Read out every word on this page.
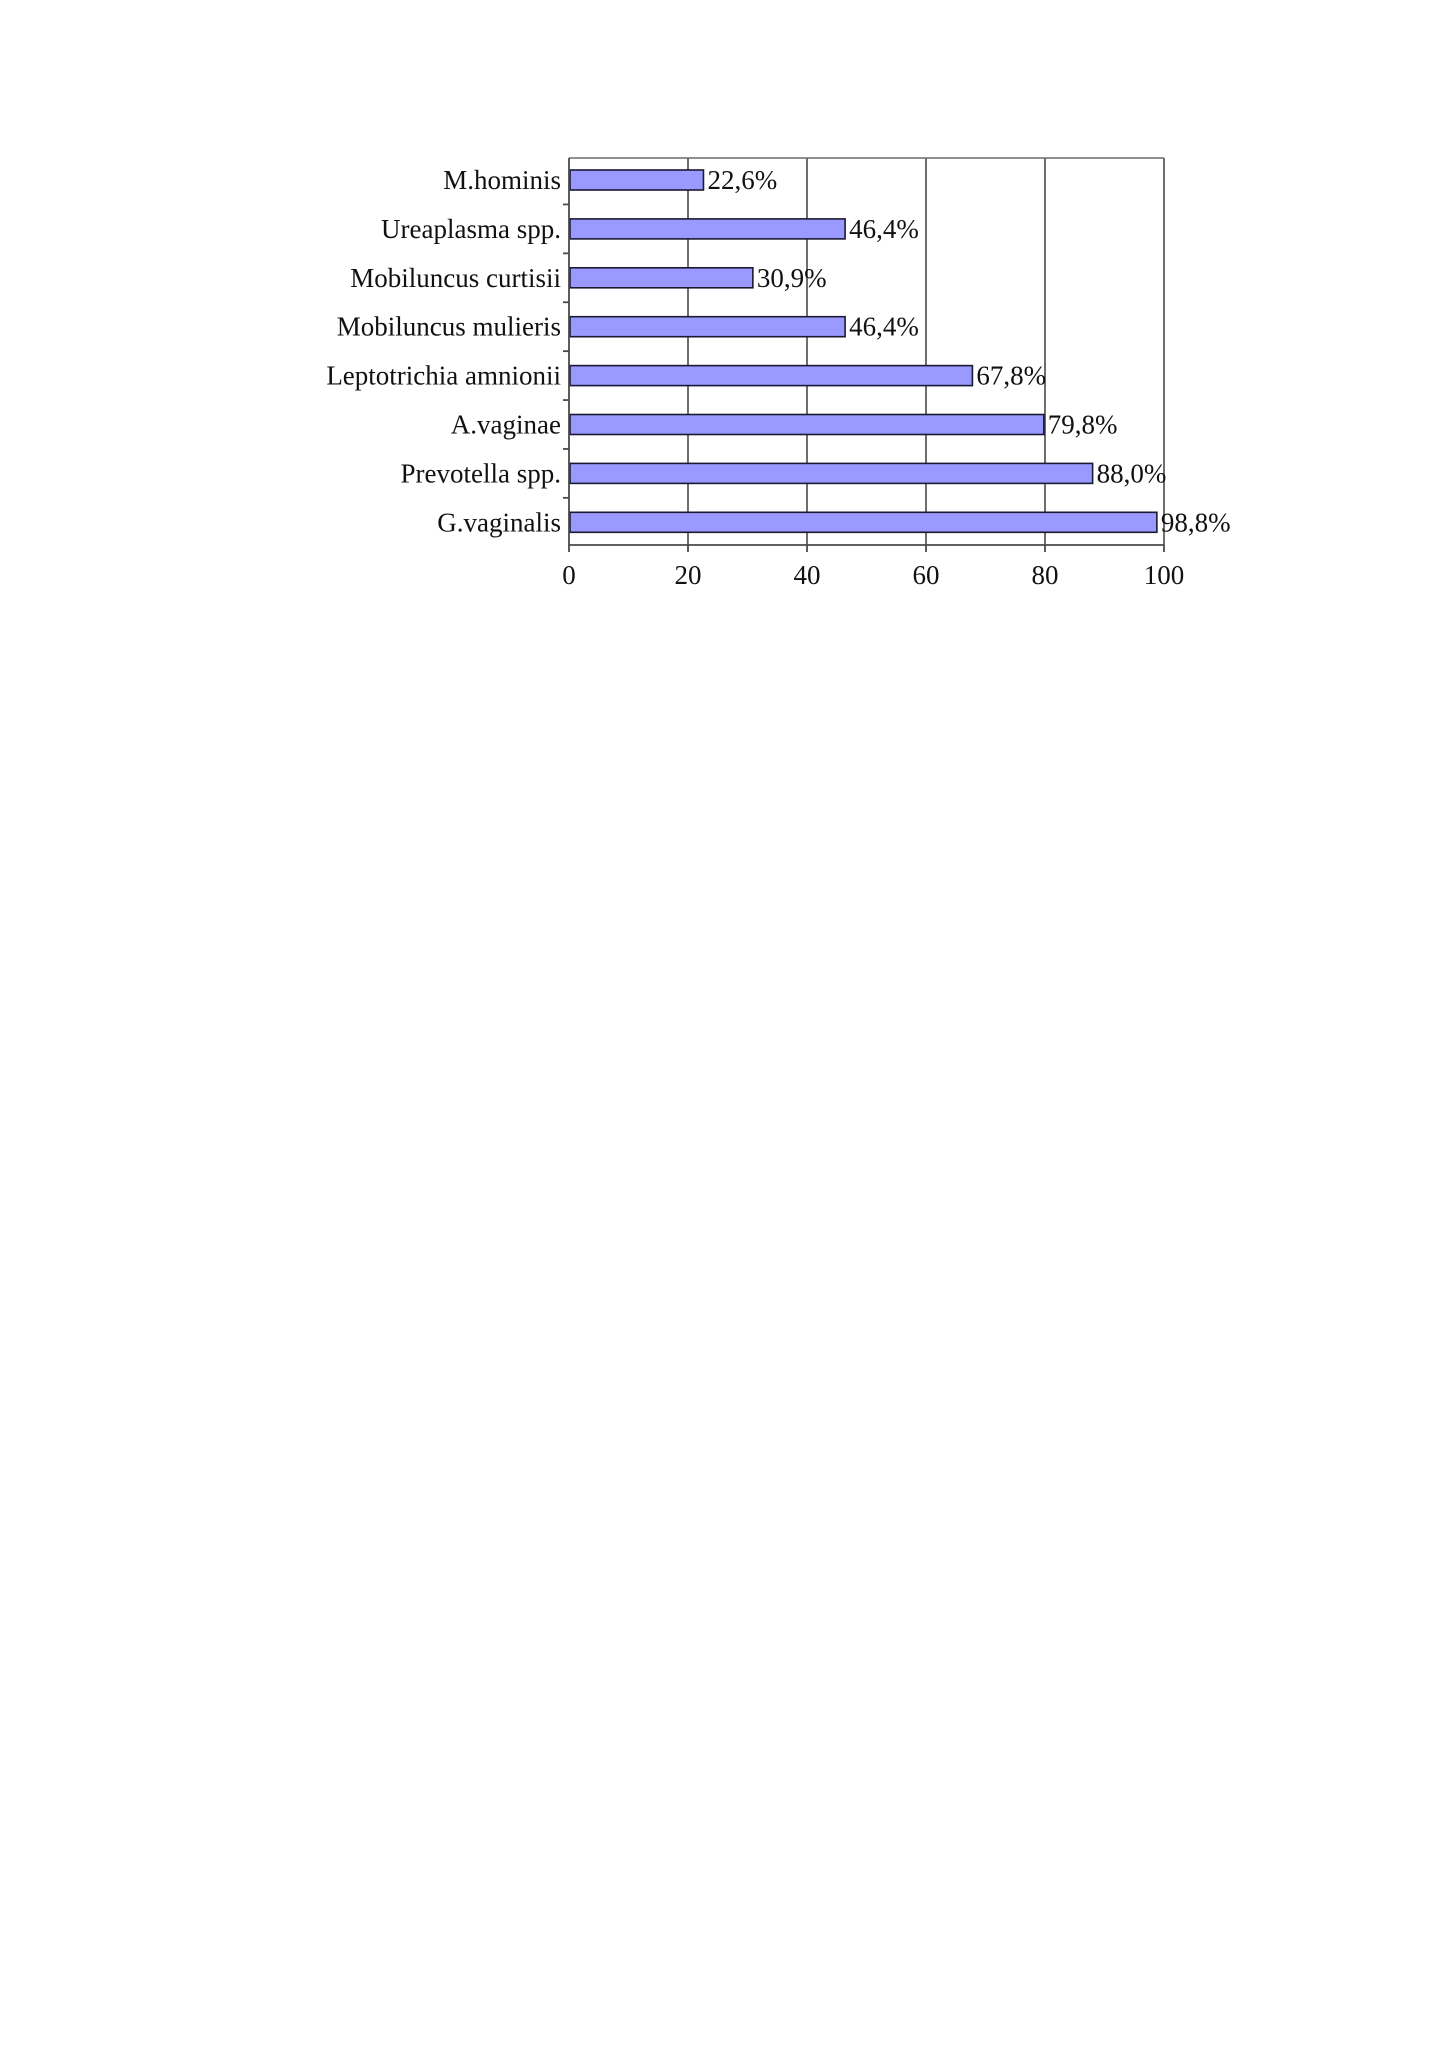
0	20	40	60	80	100
M.hominis	22,6%
Ureaplasma spp.	46,4%
Mobiluncus curtisii	30,9%
Mobiluncus mulieris	46,4%
Leptotrichia amnionii	67,8%
A.vaginae	79,8%
Prevotella spp.	88,0%
G.vaginalis	98,8%
